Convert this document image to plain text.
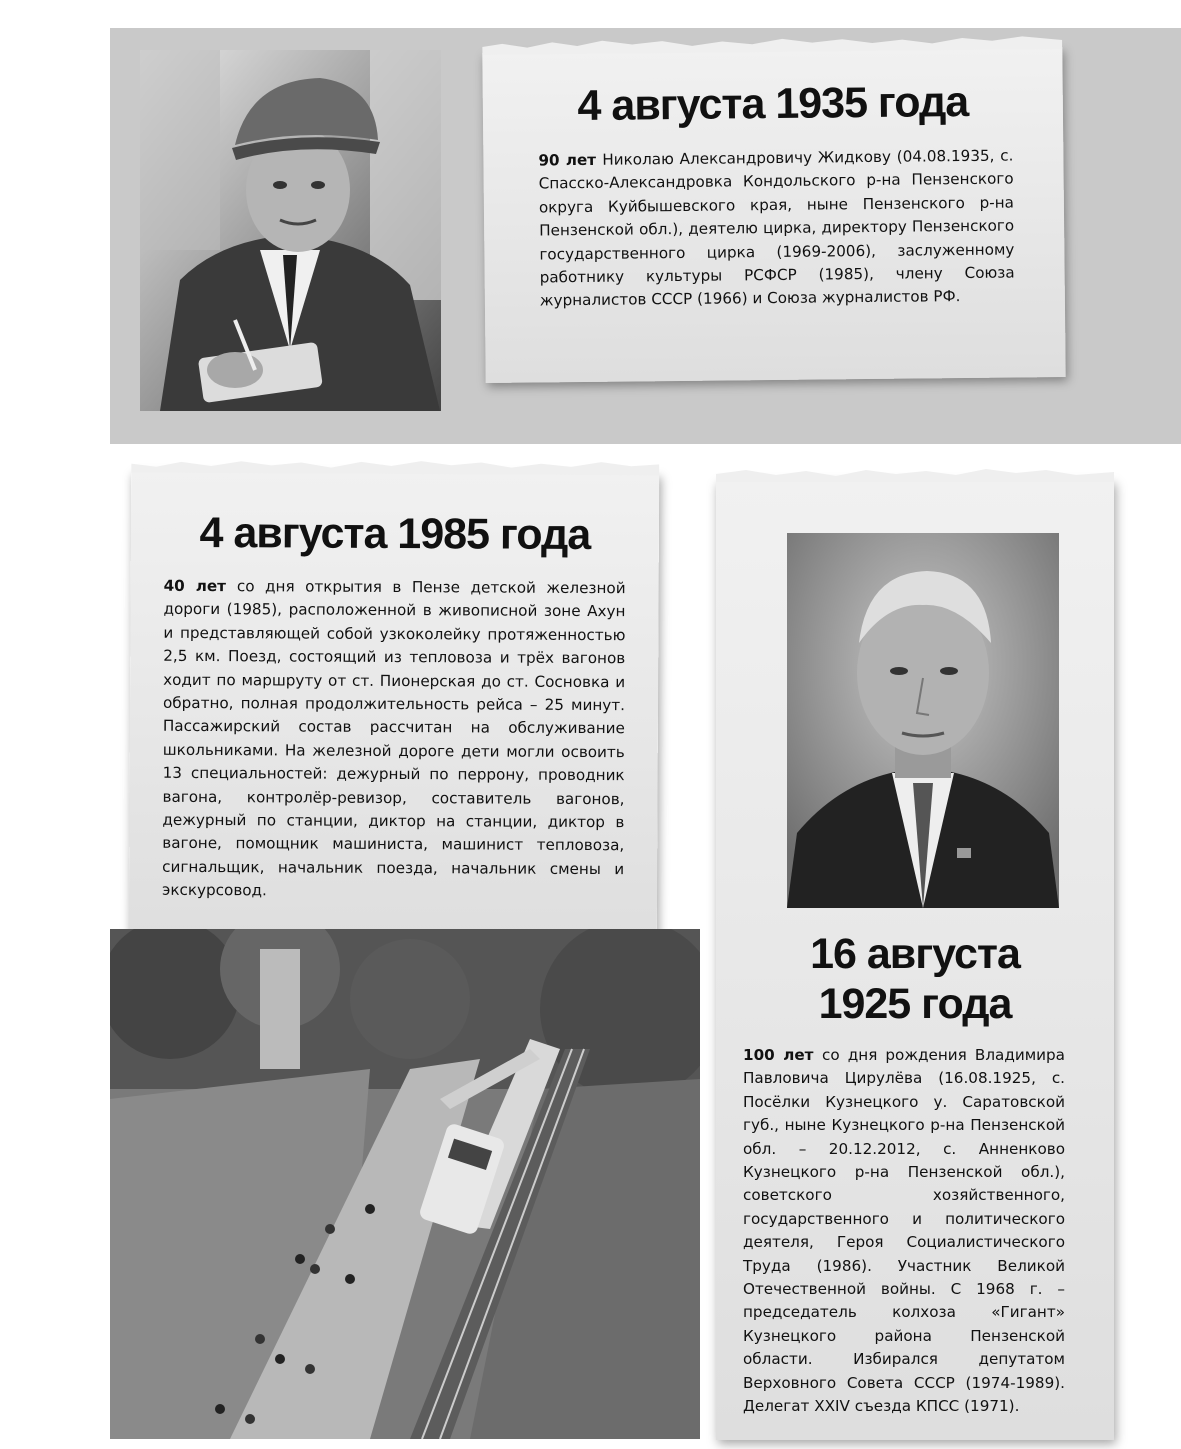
4 августа 1935 года

90 лет Николаю Александровичу Жидкову (04.08.1935, с. Спасско-Александровка Кондольского р-на Пензенского округа Куйбышевского края, ныне Пензенского р-на Пензенской обл.), деятелю цирка, директору Пензенского государственного цирка (1969-2006), заслуженному работнику культуры РСФСР (1985), члену Союза журналистов СССР (1966) и Союза журналистов РФ.

4 августа 1985 года

40 лет со дня открытия в Пензе детской железной дороги (1985), расположенной в живописной зоне Ахун и представляющей собой узкоколейку протяженностью 2,5 км. Поезд, состоящий из тепловоза и трёх вагонов ходит по маршруту от ст. Пионерская до ст. Сосновка и обратно, полная продолжительность рейса – 25 минут. Пассажирский состав рассчитан на обслуживание школьниками. На железной дороге дети могли освоить 13 специальностей: дежурный по перрону, проводник вагона, контролёр-ревизор, составитель вагонов, дежурный по станции, диктор на станции, диктор в вагоне, помощник машиниста, машинист тепловоза, сигнальщик, начальник поезда, начальник смены и экскурсовод.

16 августа
1925 года

100 лет со дня рождения Владимира Павловича Цирулёва (16.08.1925, с. Посёлки Кузнецкого у. Саратовской губ., ныне Кузнецкого р-на Пензенской обл. – 20.12.2012, с. Анненково Кузнецкого р-на Пензенской обл.), советского хозяйственного, государственного и политического деятеля, Героя Социалистического Труда (1986). Участник Великой Отечественной войны. С 1968 г. – председатель колхоза «Гигант» Кузнецкого района Пензенской области. Избирался депутатом Верховного Совета СССР (1974-1989). Делегат XXIV съезда КПСС (1971).
